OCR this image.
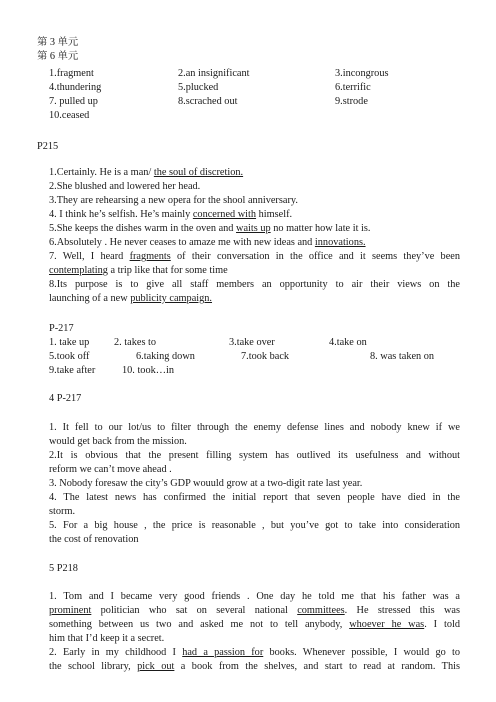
第 3 单元
第 6 单元
1.fragment	2.an insignificant	3.incongrous
4.thundering	5.plucked	6.terrific
7. pulled up	8.scrached out	9.strode
10.ceased
P215
1.Certainly. He is a man/ the soul of discretion.
2.She blushed and lowered her head.
3.They are rehearsing a new opera for the shool anniversary.
4. I think he’s selfish. He’s mainly concerned with himself.
5.She keeps the dishes warm in the oven and waits up no matter how late it is.
6.Absolutely . He never ceases to amaze me with new ideas and innovations.
7. Well, I heard fragments of their conversation in the office and it seems they’ve been
contemplating a trip like that for some time
8.Its purpose is to give all staff members an opportunity to air their views on the
launching of a new publicity campaign.
P-217
1. take up 2. takes to	3.take over	4.take on
5.took off	6.taking down	7.took back	8. was taken on
9.take after	10. took…in
4 P-217
1. It fell to our lot/us to filter through the enemy defense lines and nobody knew if we
would get back from the mission.
2.It is obvious that the present filling system has outlived its usefulness and without
reform we can’t move ahead .
3. Nobody foresaw the city’s GDP wouuld grow at a two-digit rate last year.
4. The latest news has confirmed the initial report that seven people have died in the
storm.
5. For a big house , the price is reasonable , but you’ve got to take into consideration
the cost of renovation
5 P218
1. Tom and I became very good friends . One day he told me that his father was a
prominent politician who sat on several national committees. He stressed this was
something between us two and asked me not to tell anybody, whoever he was. I told
him that I’d keep it a secret.
2. Early in my childhood I had a passion for books. Whenever possible, I would go to
the school library, pick out a book from the shelves, and start to read at random. This
